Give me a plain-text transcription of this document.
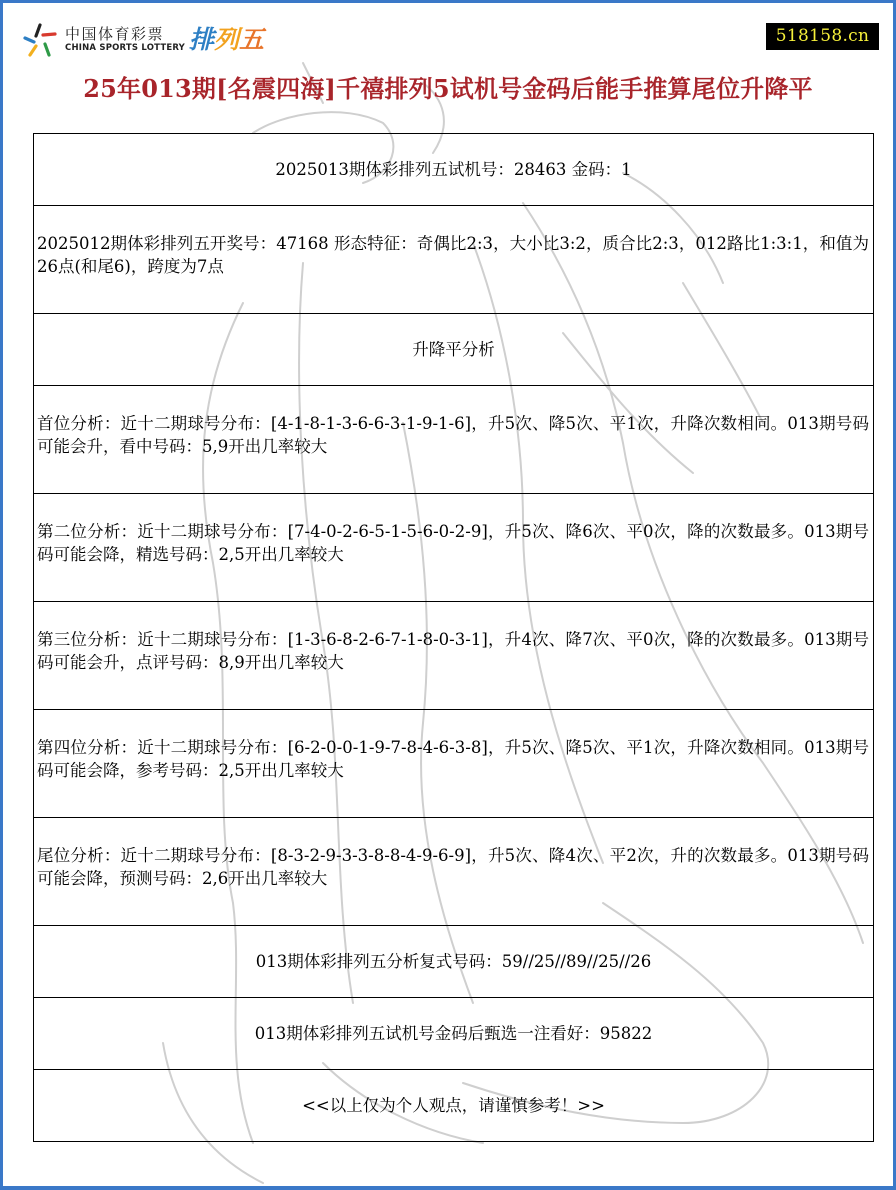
中国体育彩票
CHINA SPORTS LOTTERY 排列五	518158.cn
25年013期[名震四海]千禧排列5试机号金码后能手推算尾位升降平
2025013期体彩排列五试机号：28463 金码：1
2025012期体彩排列五开奖号：47168 形态特征：奇偶比2:3，大小比3:2，质合比2:3，012路比1:3:1，和值为26点(和尾6)，跨度为7点
升降平分析
首位分析：近十二期球号分布：[4-1-8-1-3-6-6-3-1-9-1-6]，升5次、降5次、平1次，升降次数相同。013期号码可能会升，看中号码：5,9开出几率较大
第二位分析：近十二期球号分布：[7-4-0-2-6-5-1-5-6-0-2-9]，升5次、降6次、平0次，降的次数最多。013期号码可能会降，精选号码：2,5开出几率较大
第三位分析：近十二期球号分布：[1-3-6-8-2-6-7-1-8-0-3-1]，升4次、降7次、平0次，降的次数最多。013期号码可能会升，点评号码：8,9开出几率较大
第四位分析：近十二期球号分布：[6-2-0-0-1-9-7-8-4-6-3-8]，升5次、降5次、平1次，升降次数相同。013期号码可能会降，参考号码：2,5开出几率较大
尾位分析：近十二期球号分布：[8-3-2-9-3-3-8-8-4-9-6-9]，升5次、降4次、平2次，升的次数最多。013期号码可能会降，预测号码：2,6开出几率较大
013期体彩排列五分析复式号码：59//25//89//25//26
013期体彩排列五试机号金码后甄选一注看好：95822
<<以上仅为个人观点，请谨慎参考！>>
